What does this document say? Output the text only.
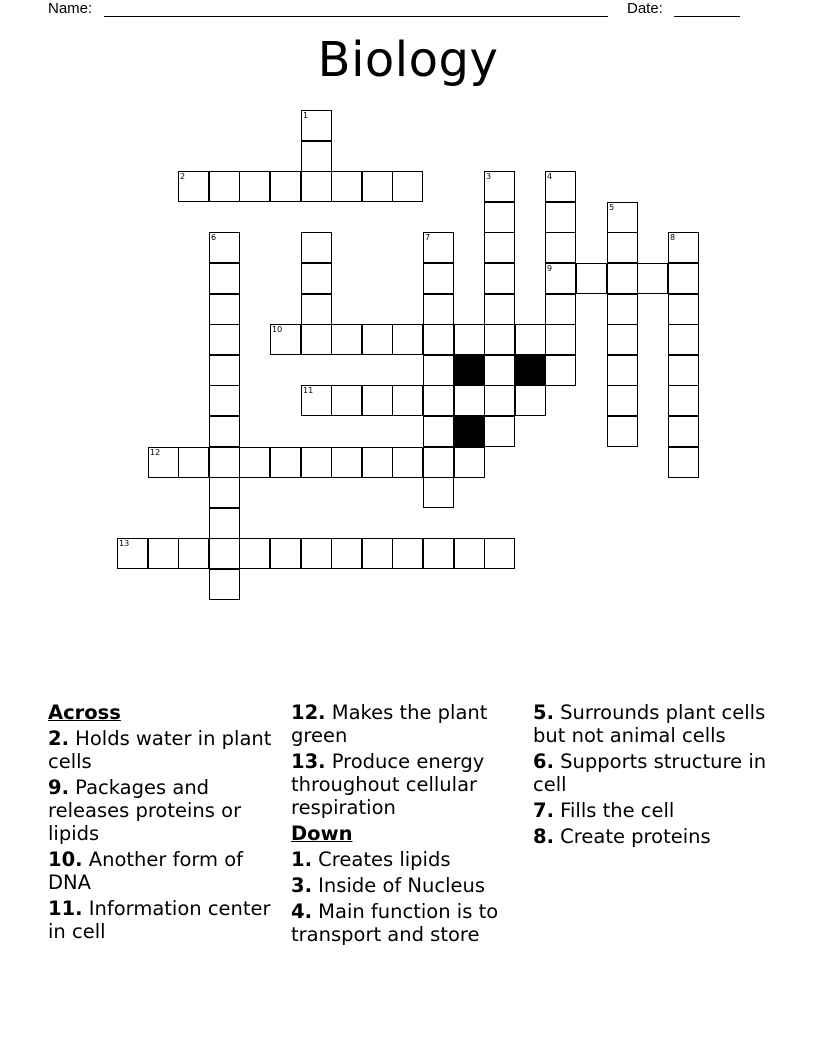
Name:	Date:
Biology
1
2	3	4
5
6	7	8
9
10
11
12
13
Across
2. Holds water in plant cells
9. Packages and releases proteins or lipids
10. Another form of DNA
11. Information center in cell
12. Makes the plant green
13. Produce energy throughout cellular respiration
Down
1. Creates lipids
3. Inside of Nucleus
4. Main function is to transport and store
5. Surrounds plant cells but not animal cells
6. Supports structure in cell
7. Fills the cell
8. Create proteins
